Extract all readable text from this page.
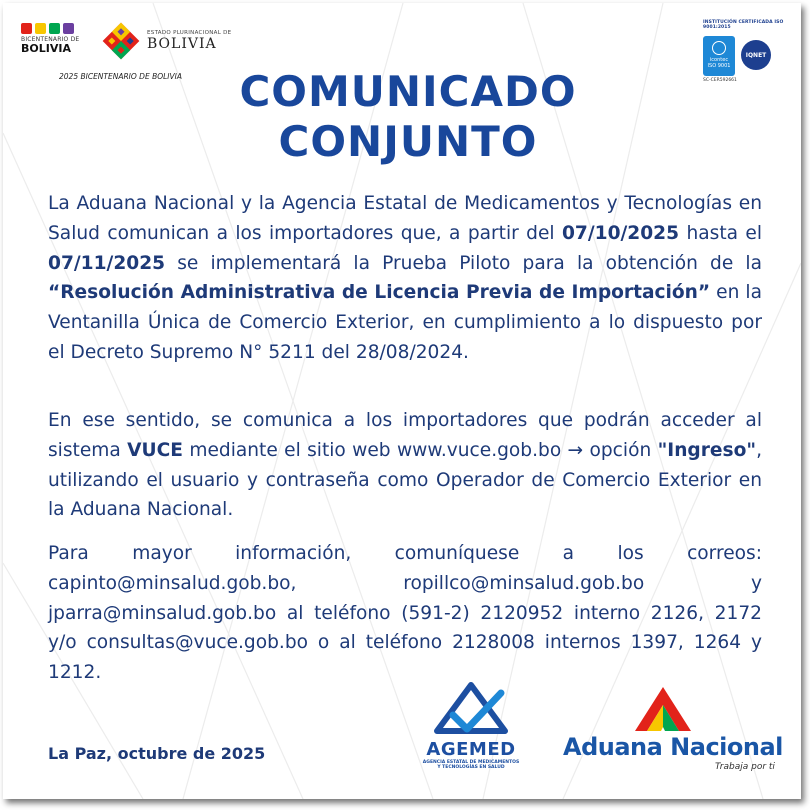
BICENTENARIO DE
BOLIVIA
ESTADO PLURINACIONAL DE
BOLIVIA
2025 BICENTENARIO DE BOLIVIA
INSTITUCIÓN CERTIFICADA ISO 9001:2015
icontec
ISO 9001
IQNET
SC-CER592661
COMUNICADO
CONJUNTO
La Aduana Nacional y la Agencia Estatal de Medicamentos y Tecnologías en Salud comunican a los importadores que, a partir del 07/10/2025 hasta el 07/11/2025 se implementará la Prueba Piloto para la obtención de la “Resolución Administrativa de Licencia Previa de Importación” en la Ventanilla Única de Comercio Exterior, en cumplimiento a lo dispuesto por el Decreto Supremo N° 5211 del 28/08/2024.
En ese sentido, se comunica a los importadores que podrán acceder al sistema VUCE mediante el sitio web www.vuce.gob.bo → opción "Ingreso", utilizando el usuario y contraseña como Operador de Comercio Exterior en la Aduana Nacional.
Para mayor información, comuníquese a los correos: capinto@minsalud.gob.bo, ropillco@minsalud.gob.bo y jparra@minsalud.gob.bo al teléfono (591-2) 2120952 interno 2126, 2172 y/o consultas@vuce.gob.bo o al teléfono 2128008 internos 1397, 1264 y 1212.
La Paz, octubre de 2025	AGEMED
AGENCIA ESTATAL DE MEDICAMENTOS
Y TECNOLOGÍAS EN SALUD
Aduana Nacional
Trabaja por ti
